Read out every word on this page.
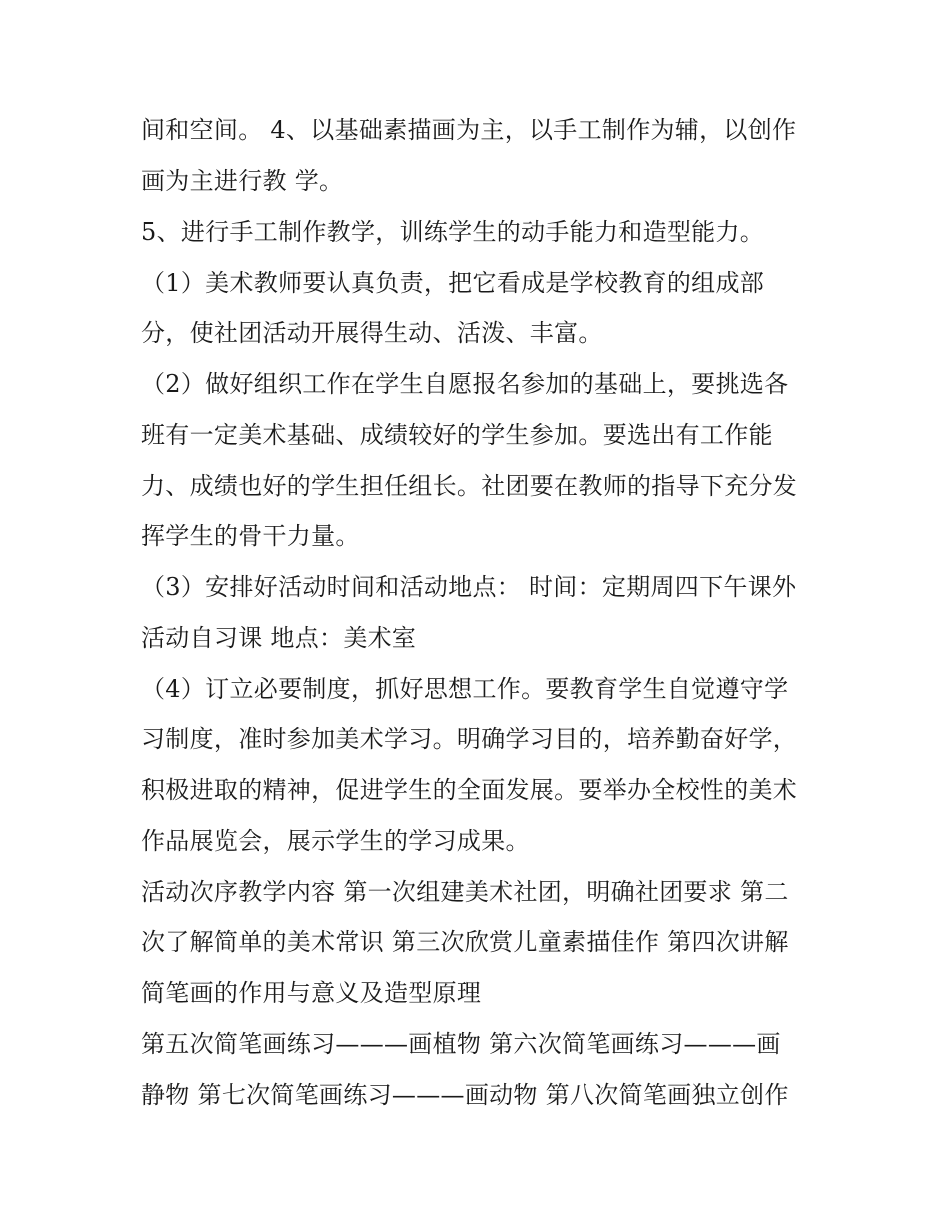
间和空间。 4、以基础素描画为主，以手工制作为辅，以创作
画为主进行教 学。
5、进行手工制作教学，训练学生的动手能力和造型能力。
（1）美术教师要认真负责，把它看成是学校教育的组成部
分，使社团活动开展得生动、活泼、丰富。
（2）做好组织工作在学生自愿报名参加的基础上，要挑选各
班有一定美术基础、成绩较好的学生参加。要选出有工作能
力、成绩也好的学生担任组长。社团要在教师的指导下充分发
挥学生的骨干力量。
（3）安排好活动时间和活动地点： 时间：定期周四下午课外
活动自习课 地点：美术室
（4）订立必要制度，抓好思想工作。要教育学生自觉遵守学
习制度，准时参加美术学习。明确学习目的，培养勤奋好学，
积极进取的精神，促进学生的全面发展。要举办全校性的美术
作品展览会，展示学生的学习成果。
活动次序教学内容 第一次组建美术社团，明确社团要求 第二
次了解简单的美术常识 第三次欣赏儿童素描佳作 第四次讲解
简笔画的作用与意义及造型原理
第五次简笔画练习———画植物 第六次简笔画练习———画
静物 第七次简笔画练习———画动物 第八次简笔画独立创作
